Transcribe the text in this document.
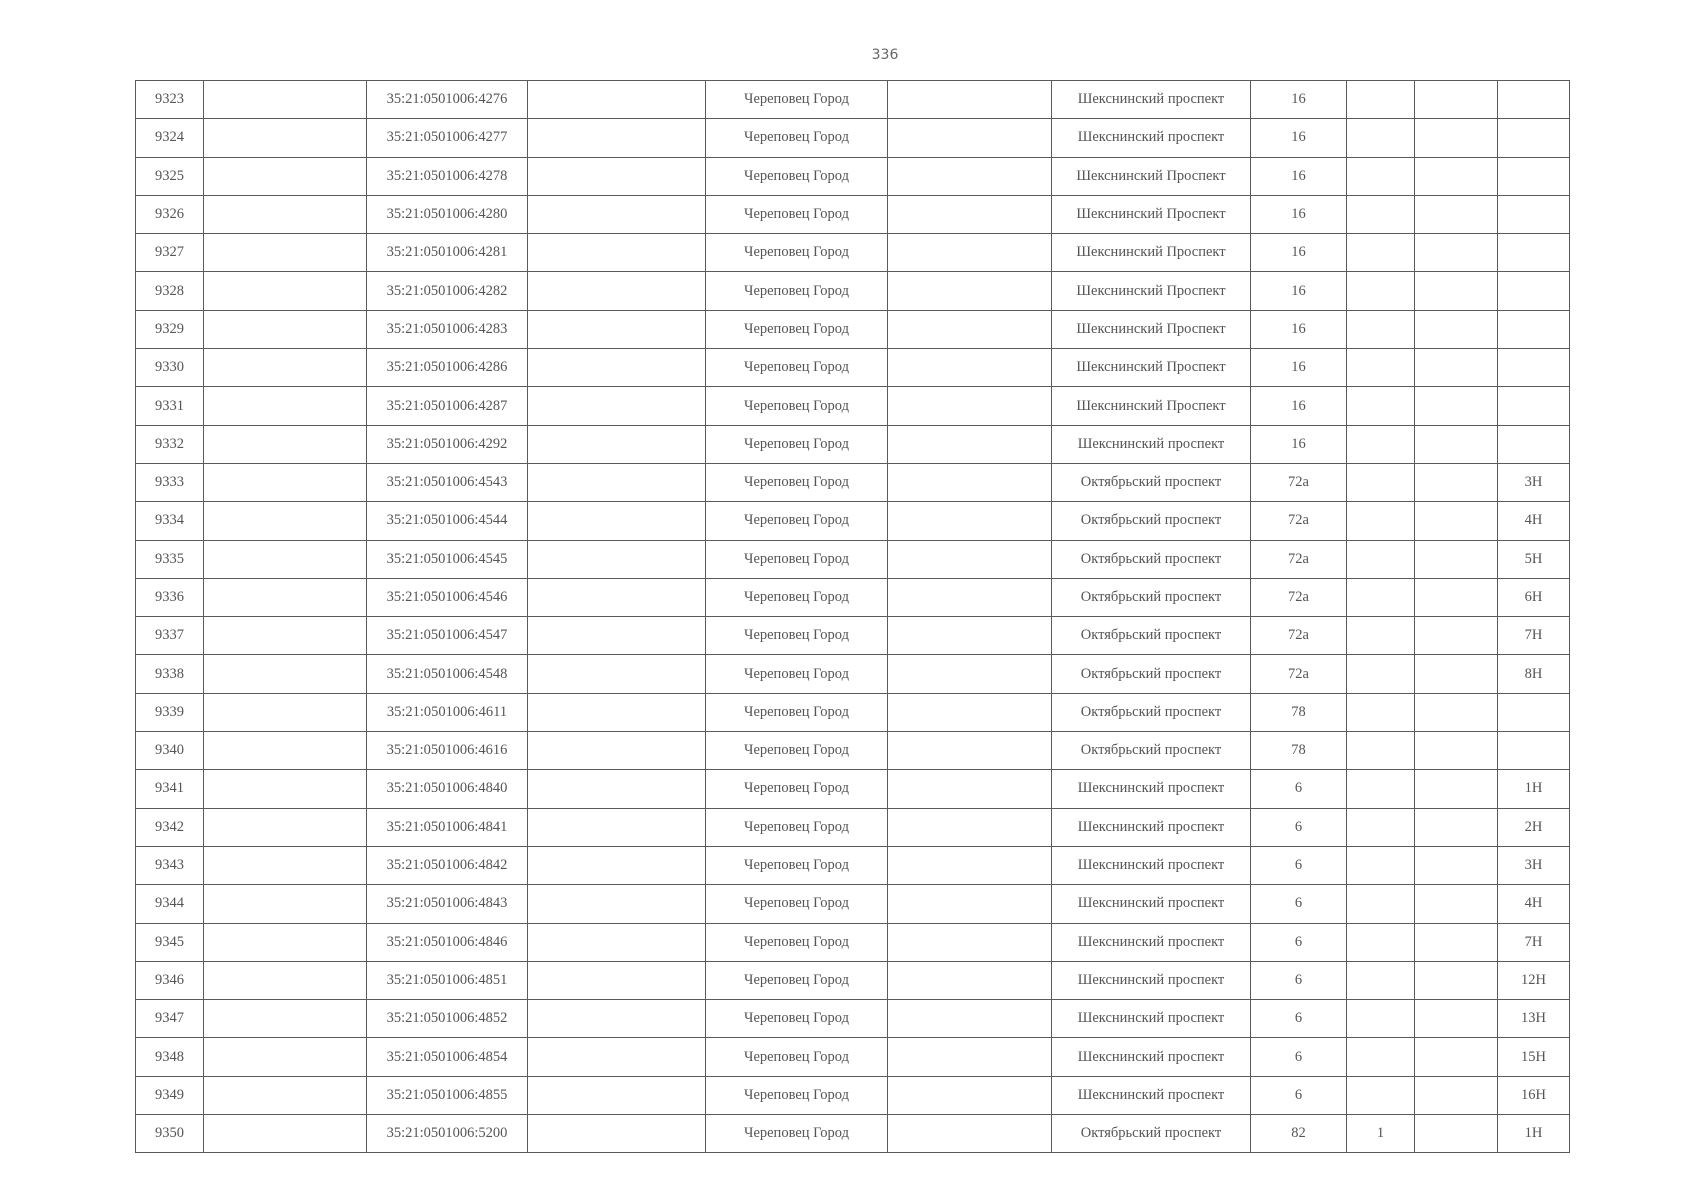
336
9323		35:21:0501006:4276		Череповец Город		Шекснинский проспект	16			
9324		35:21:0501006:4277		Череповец Город		Шекснинский проспект	16			
9325		35:21:0501006:4278		Череповец Город		Шекснинский Проспект	16			
9326		35:21:0501006:4280		Череповец Город		Шекснинский Проспект	16			
9327		35:21:0501006:4281		Череповец Город		Шекснинский Проспект	16			
9328		35:21:0501006:4282		Череповец Город		Шекснинский Проспект	16			
9329		35:21:0501006:4283		Череповец Город		Шекснинский Проспект	16			
9330		35:21:0501006:4286		Череповец Город		Шекснинский Проспект	16			
9331		35:21:0501006:4287		Череповец Город		Шекснинский Проспект	16			
9332		35:21:0501006:4292		Череповец Город		Шекснинский проспект	16			
9333		35:21:0501006:4543		Череповец Город		Октябрьский проспект	72а			3Н
9334		35:21:0501006:4544		Череповец Город		Октябрьский проспект	72а			4Н
9335		35:21:0501006:4545		Череповец Город		Октябрьский проспект	72а			5Н
9336		35:21:0501006:4546		Череповец Город		Октябрьский проспект	72а			6Н
9337		35:21:0501006:4547		Череповец Город		Октябрьский проспект	72а			7Н
9338		35:21:0501006:4548		Череповец Город		Октябрьский проспект	72а			8Н
9339		35:21:0501006:4611		Череповец Город		Октябрьский проспект	78			
9340		35:21:0501006:4616		Череповец Город		Октябрьский проспект	78			
9341		35:21:0501006:4840		Череповец Город		Шекснинский проспект	6			1Н
9342		35:21:0501006:4841		Череповец Город		Шекснинский проспект	6			2Н
9343		35:21:0501006:4842		Череповец Город		Шекснинский проспект	6			3Н
9344		35:21:0501006:4843		Череповец Город		Шекснинский проспект	6			4Н
9345		35:21:0501006:4846		Череповец Город		Шекснинский проспект	6			7Н
9346		35:21:0501006:4851		Череповец Город		Шекснинский проспект	6			12Н
9347		35:21:0501006:4852		Череповец Город		Шекснинский проспект	6			13Н
9348		35:21:0501006:4854		Череповец Город		Шекснинский проспект	6			15Н
9349		35:21:0501006:4855		Череповец Город		Шекснинский проспект	6			16Н
9350		35:21:0501006:5200		Череповец Город		Октябрьский проспект	82	1		1Н
